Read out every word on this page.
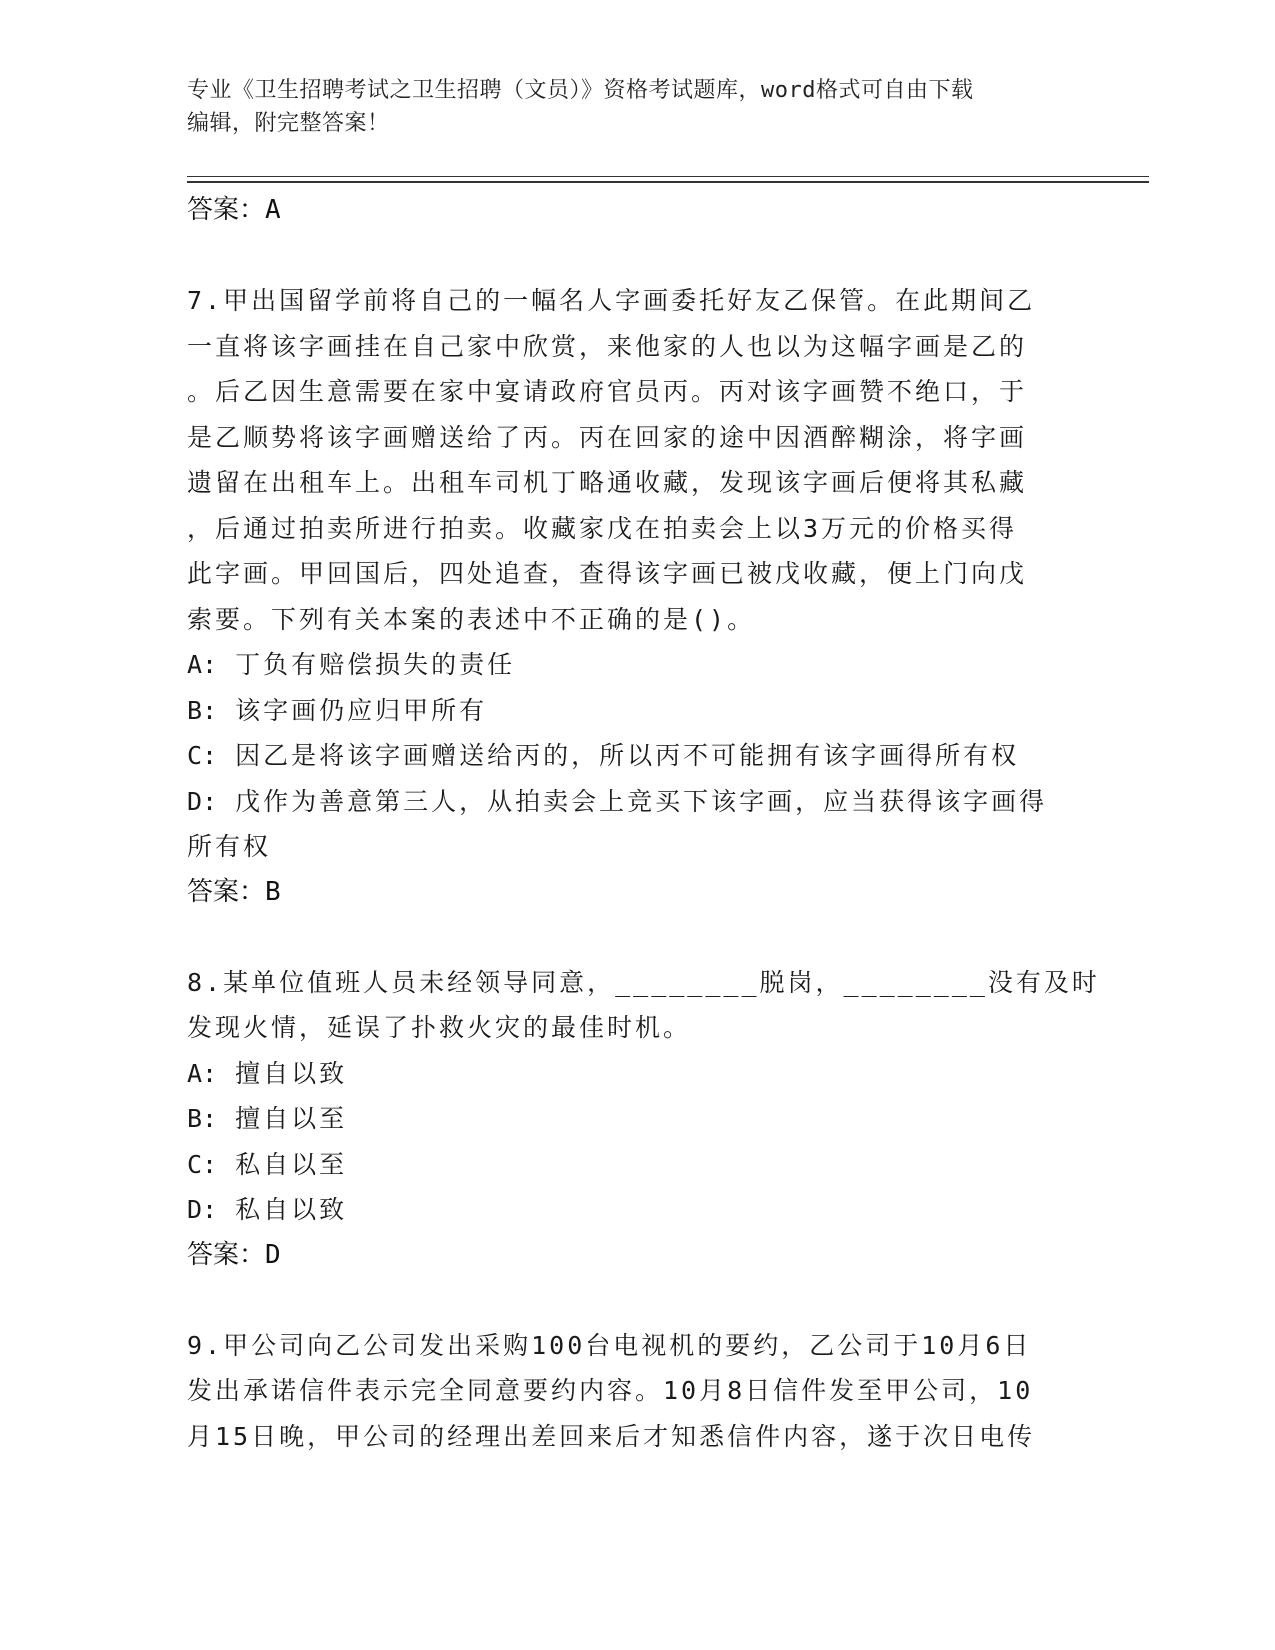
专业《卫生招聘考试之卫生招聘（文员）》资格考试题库，word格式可自由下载
编辑，附完整答案！
答案：A
7.甲出国留学前将自己的一幅名人字画委托好友乙保管。在此期间乙
一直将该字画挂在自己家中欣赏，来他家的人也以为这幅字画是乙的
。后乙因生意需要在家中宴请政府官员丙。丙对该字画赞不绝口，于
是乙顺势将该字画赠送给了丙。丙在回家的途中因酒醉糊涂，将字画
遗留在出租车上。出租车司机丁略通收藏，发现该字画后便将其私藏
，后通过拍卖所进行拍卖。收藏家戊在拍卖会上以3万元的价格买得
此字画。甲回国后，四处追查，查得该字画已被戊收藏，便上门向戊
索要。下列有关本案的表述中不正确的是()。
A: 丁负有赔偿损失的责任
B: 该字画仍应归甲所有
C: 因乙是将该字画赠送给丙的，所以丙不可能拥有该字画得所有权
D: 戊作为善意第三人，从拍卖会上竞买下该字画，应当获得该字画得
所有权
答案：B
8.某单位值班人员未经领导同意，________脱岗，________没有及时
发现火情，延误了扑救火灾的最佳时机。
A: 擅自以致
B: 擅自以至
C: 私自以至
D: 私自以致
答案：D
9.甲公司向乙公司发出采购100台电视机的要约，乙公司于10月6日
发出承诺信件表示完全同意要约内容。10月8日信件发至甲公司，10
月15日晚，甲公司的经理出差回来后才知悉信件内容，遂于次日电传
